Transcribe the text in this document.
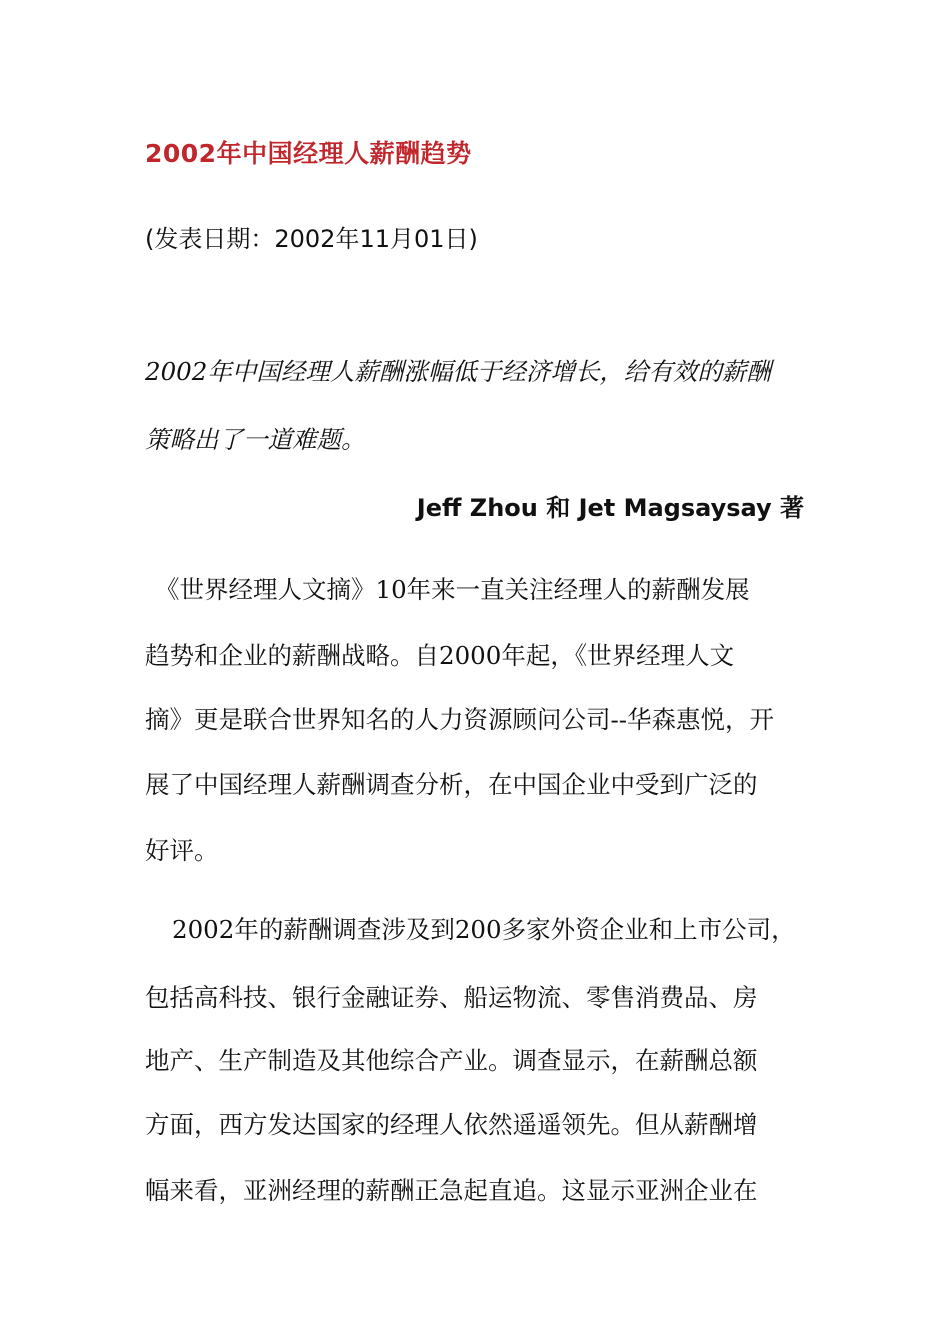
2002年中国经理人薪酬趋势
(发表日期：2002年11月01日)
2002年中国经理人薪酬涨幅低于经济增长，给有效的薪酬
策略出了一道难题。
Jeff Zhou 和 Jet Magsaysay 著
《世界经理人文摘》10年来一直关注经理人的薪酬发展
趋势和企业的薪酬战略。自2000年起，《世界经理人文
摘》更是联合世界知名的人力资源顾问公司--华森惠悦，开
展了中国经理人薪酬调查分析，在中国企业中受到广泛的
好评。
2002年的薪酬调查涉及到200多家外资企业和上市公司，
包括高科技、银行金融证券、船运物流、零售消费品、房
地产、生产制造及其他综合产业。调查显示，在薪酬总额
方面，西方发达国家的经理人依然遥遥领先。但从薪酬增
幅来看，亚洲经理的薪酬正急起直追。这显示亚洲企业在
